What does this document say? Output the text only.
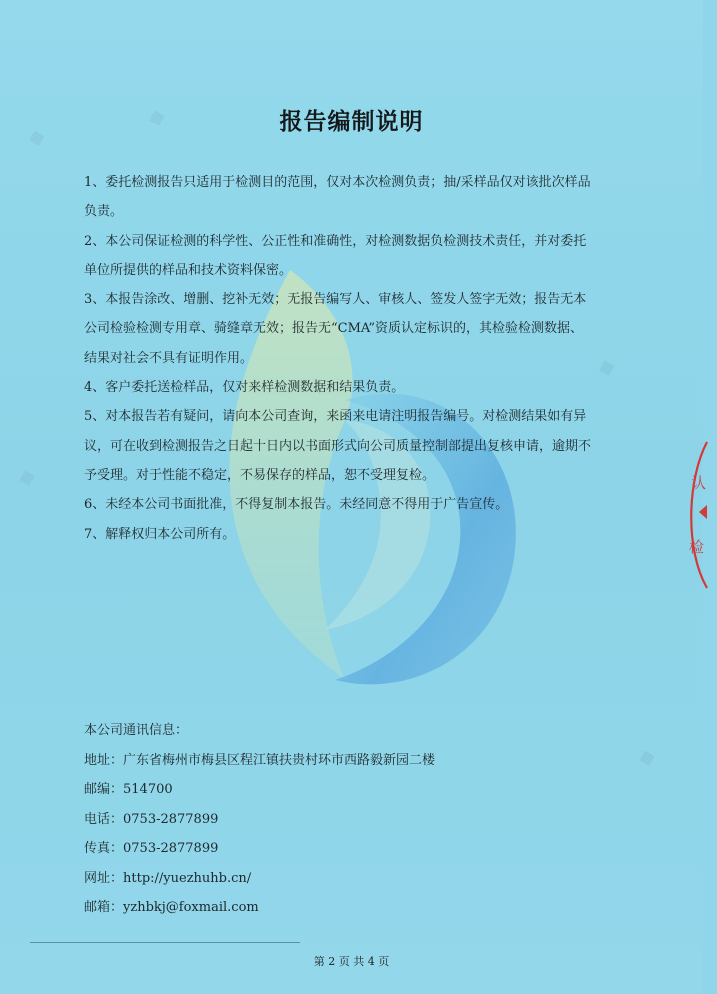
▦
▦
▦
▦
▦
报告编制说明

1、委托检测报告只适用于检测目的范围，仅对本次检测负责；抽/采样品仅对该批次样品

负责。

2、本公司保证检测的科学性、公正性和准确性，对检测数据负检测技术责任，并对委托

单位所提供的样品和技术资料保密。

3、本报告涂改、增删、挖补无效；无报告编写人、审核人、签发人签字无效；报告无本

公司检验检测专用章、骑缝章无效；报告无“CMA”资质认定标识的，其检验检测数据、

结果对社会不具有证明作用。

4、客户委托送检样品，仅对来样检测数据和结果负责。

5、对本报告若有疑问，请向本公司查询，来函来电请注明报告编号。对检测结果如有异

议，可在收到检测报告之日起十日内以书面形式向公司质量控制部提出复核申请，逾期不

予受理。对于性能不稳定，不易保存的样品，恕不受理复检。

6、未经本公司书面批准，不得复制本报告。未经同意不得用于广告宣传。

7、解释权归本公司所有。

本公司通讯信息：
地址：广东省梅州市梅县区程江镇扶贵村环市西路毅新园二楼
邮编：514700
电话：0753-2877899
传真：0753-2877899
网址：http://yuezhuhb.cn/
邮箱：yzhbkj@foxmail.com
第 2 页 共 4 页
认
检
